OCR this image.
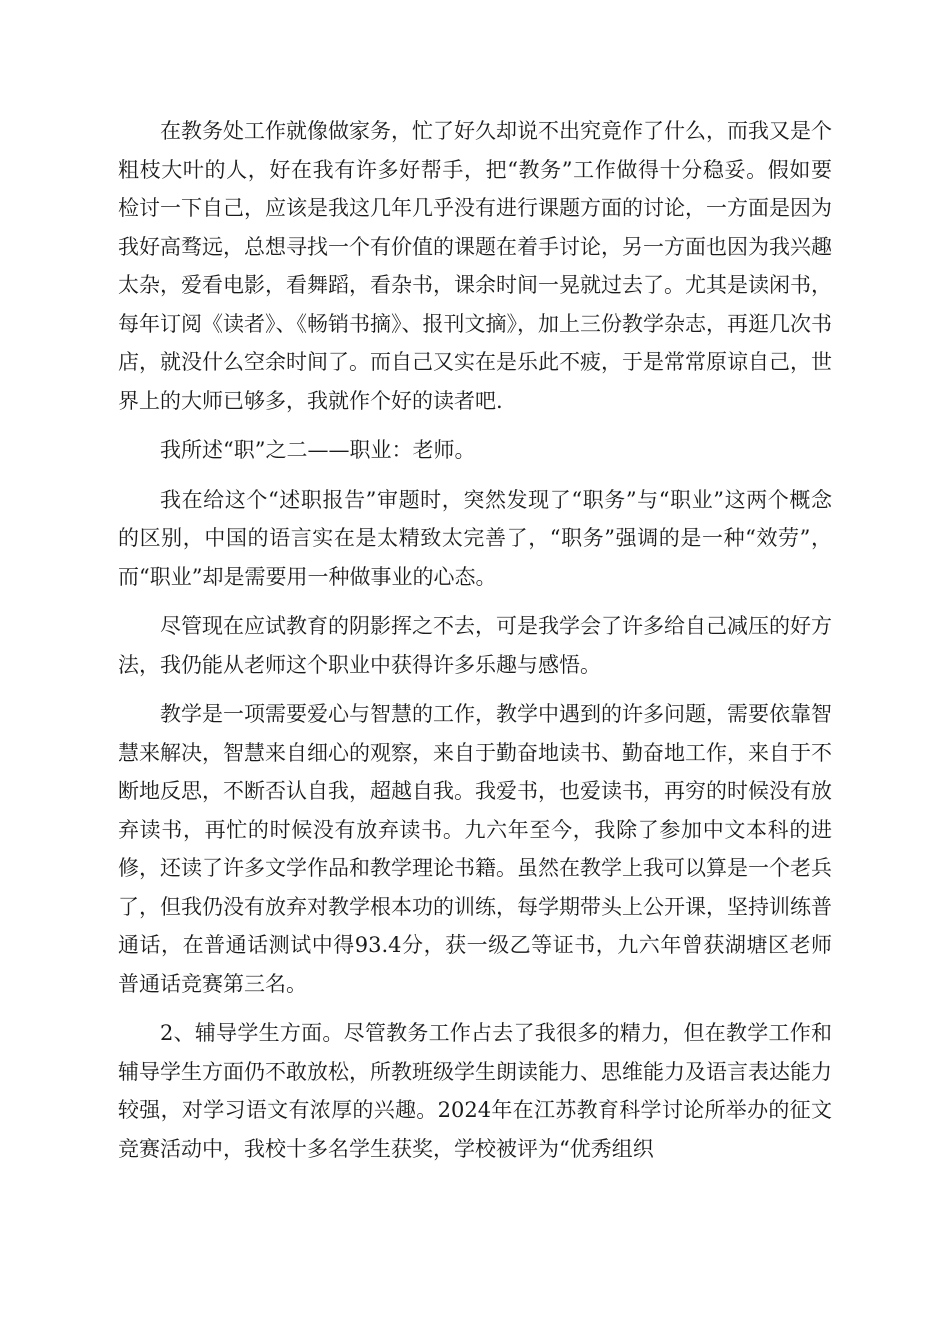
在教务处工作就像做家务，忙了好久却说不出究竟作了什么，而我又是个粗枝大叶的人，好在我有许多好帮手，把“教务”工作做得十分稳妥。假如要检讨一下自己，应该是我这几年几乎没有进行课题方面的讨论，一方面是因为我好高骛远，总想寻找一个有价值的课题在着手讨论，另一方面也因为我兴趣太杂，爱看电影，看舞蹈，看杂书，课余时间一晃就过去了。尤其是读闲书，每年订阅《读者》、《畅销书摘》、报刊文摘》，加上三份教学杂志，再逛几次书店，就没什么空余时间了。而自己又实在是乐此不疲，于是常常原谅自己，世界上的大师已够多，我就作个好的读者吧.

我所述“职”之二——职业：老师。

我在给这个“述职报告”审题时，突然发现了“职务”与“职业”这两个概念的区别，中国的语言实在是太精致太完善了，“职务”强调的是一种“效劳”，而“职业”却是需要用一种做事业的心态。

尽管现在应试教育的阴影挥之不去，可是我学会了许多给自己减压的好方法，我仍能从老师这个职业中获得许多乐趣与感悟。

教学是一项需要爱心与智慧的工作，教学中遇到的许多问题，需要依靠智慧来解决，智慧来自细心的观察，来自于勤奋地读书、勤奋地工作，来自于不断地反思，不断否认自我，超越自我。我爱书，也爱读书，再穷的时候没有放弃读书，再忙的时候没有放弃读书。九六年至今，我除了参加中文本科的进修，还读了许多文学作品和教学理论书籍。虽然在教学上我可以算是一个老兵了，但我仍没有放弃对教学根本功的训练，每学期带头上公开课，坚持训练普通话，在普通话测试中得93.4分，获一级乙等证书，九六年曾获湖塘区老师普通话竞赛第三名。

2、辅导学生方面。尽管教务工作占去了我很多的精力，但在教学工作和辅导学生方面仍不敢放松，所教班级学生朗读能力、思维能力及语言表达能力较强，对学习语文有浓厚的兴趣。2024年在江苏教育科学讨论所举办的征文竞赛活动中，我校十多名学生获奖，学校被评为“优秀组织
